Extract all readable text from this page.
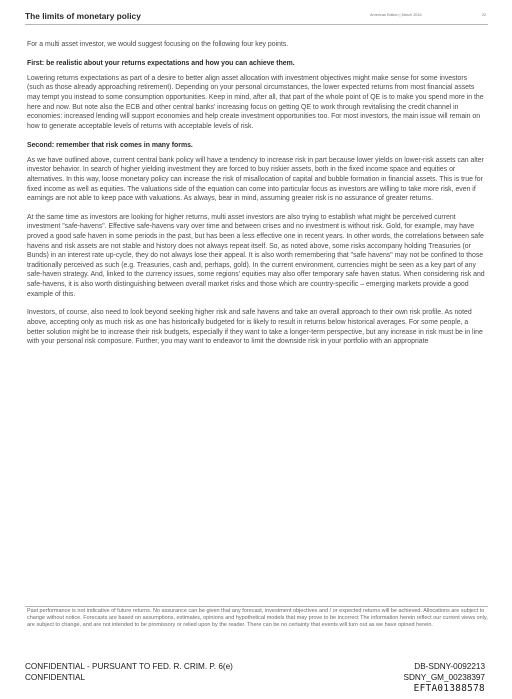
The limits of monetary policy	Americas Edition | March 2016	22

For a multi asset investor, we would suggest focusing on the following four key points.

First: be realistic about your returns expectations and how you can achieve them.

Lowering returns expectations as part of a desire to better align asset allocation with investment objectives might make sense for some investors (such as those already approaching retirement). Depending on your personal circumstances, the lower expected returns from most financial assets may tempt you instead to some consumption opportunities. Keep in mind, after all, that part of the whole point of QE is to make you spend more in the here and now. But note also the ECB and other central banks' increasing focus on getting QE to work through revitalising the credit channel in economies: increased lending will support economies and help create investment opportunities too. For most investors, the main issue will remain on how to generate acceptable levels of returns with acceptable levels of risk.

Second: remember that risk comes in many forms.

As we have outlined above, current central bank policy will have a tendency to increase risk in part because lower yields on lower-risk assets can alter investor behavior. In search of higher yielding investment they are forced to buy riskier assets, both in the fixed income space and equities or alternatives. In this way, loose monetary policy can increase the risk of misallocation of capital and bubble formation in financial assets. This is true for fixed income as well as equities. The valuations side of the equation can come into particular focus as investors are willing to take more risk, even if earnings are not able to keep pace with valuations. As always, bear in mind, assuming greater risk is no assurance of greater returns.

At the same time as investors are looking for higher returns, multi asset investors are also trying to establish what might be perceived current investment "safe-havens". Effective safe-havens vary over time and between crises and no investment is without risk. Gold, for example, may have proved a good safe haven in some periods in the past, but has been a less effective one in recent years. In other words, the correlations between safe havens and risk assets are not stable and history does not always repeat itself. So, as noted above, some risks accompany holding Treasuries (or Bunds) in an interest rate up-cycle, they do not always lose their appeal. It is also worth remembering that "safe havens" may not be confined to those traditionally perceived as such (e.g. Treasuries, cash and, perhaps, gold). In the current environment, currencies might be seen as a key part of any safe-haven strategy. And, linked to the currency issues, some regions' equities may also offer temporary safe haven status. When considering risk and safe-havens, it is also worth distinguishing between overall market risks and those which are country-specific – emerging markets provide a good example of this.

Investors, of course, also need to look beyond seeking higher risk and safe havens and take an overall approach to their own risk profile. As noted above, accepting only as much risk as one has historically budgeted for is likely to result in returns below historical averages. For some people, a better solution might be to increase their risk budgets, especially if they want to take a longer-term perspective, but any increase in risk must be in line with your personal risk composure. Further, you may want to endeavor to limit the downside risk in your portfolio with an appropriate

Past performance is not indicative of future returns. No assurance can be given that any forecast, investment objectives and / or expected returns will be achieved. Allocations are subject to change without notice. Forecasts are based on assumptions, estimates, opinions and hypothetical models that may prove to be incorrect The information herein reflect our current views only, are subject to change, and are not intended to be promissory or relied upon by the reader. There can be no certainty that events will turn out as we have opined herein.
CONFIDENTIAL - PURSUANT TO FED. R. CRIM. P. 6(e)
CONFIDENTIAL
DB-SDNY-0092213
SDNY_GM_00238397
EFTA01388578
